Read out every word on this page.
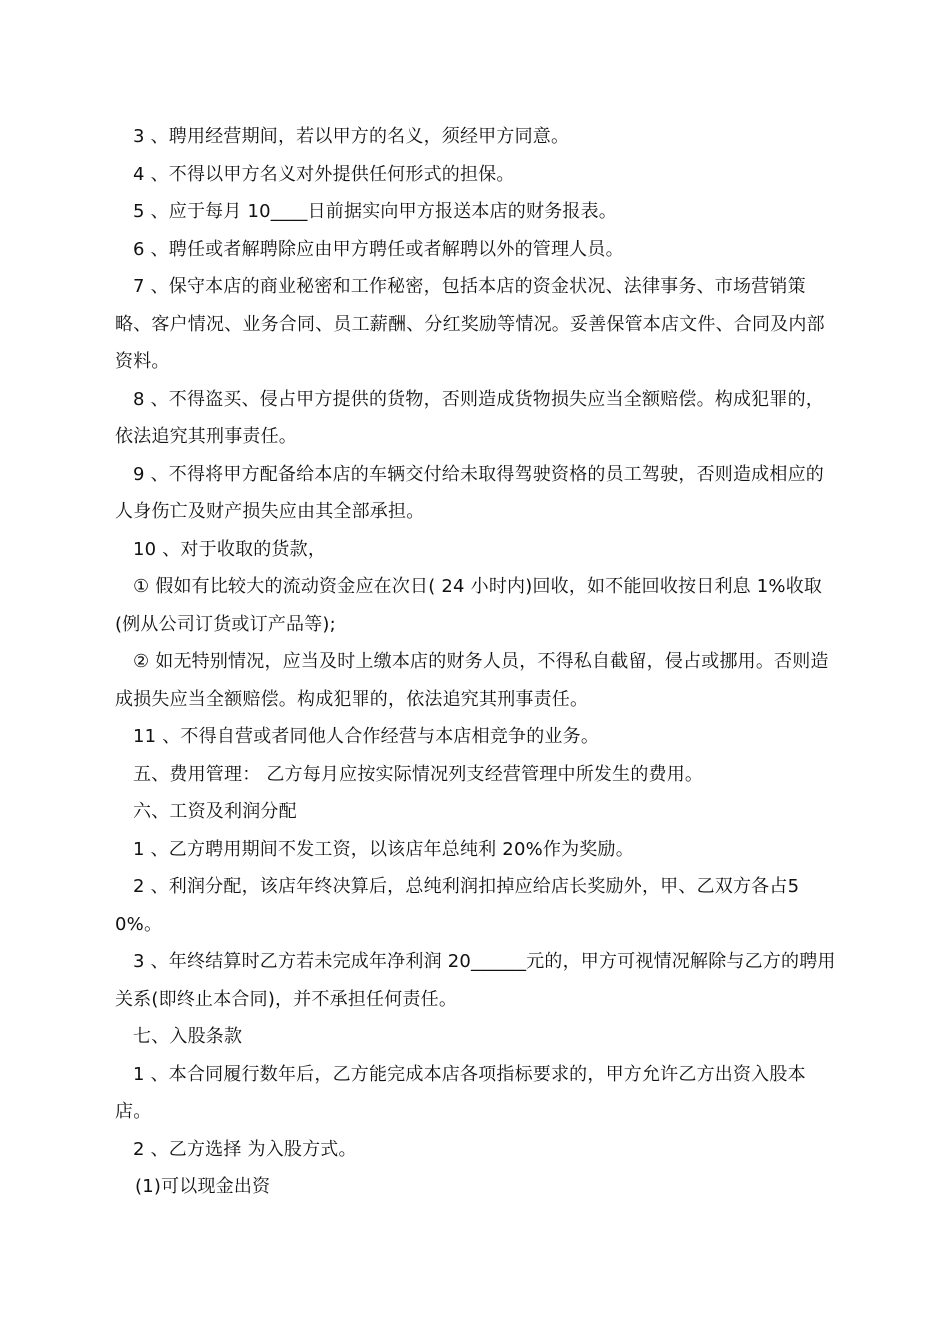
3 、聘用经营期间，若以甲方的名义，须经甲方同意。

4 、不得以甲方名义对外提供任何形式的担保。

5 、应于每月 10____日前据实向甲方报送本店的财务报表。

6 、聘任或者解聘除应由甲方聘任或者解聘以外的管理人员。

7 、保守本店的商业秘密和工作秘密，包括本店的资金状况、法律事务、市场营销策略、客户情况、业务合同、员工薪酬、分红奖励等情况。妥善保管本店文件、合同及内部资料。

8 、不得盗买、侵占甲方提供的货物，否则造成货物损失应当全额赔偿。构成犯罪的，依法追究其刑事责任。

9 、不得将甲方配备给本店的车辆交付给未取得驾驶资格的员工驾驶，否则造成相应的人身伤亡及财产损失应由其全部承担。

10 、对于收取的货款，

① 假如有比较大的流动资金应在次日( 24 小时内)回收，如不能回收按日利息 1%收取(例从公司订货或订产品等);

② 如无特别情况，应当及时上缴本店的财务人员，不得私自截留，侵占或挪用。否则造成损失应当全额赔偿。构成犯罪的，依法追究其刑事责任。

11 、不得自营或者同他人合作经营与本店相竞争的业务。

五、费用管理： 乙方每月应按实际情况列支经营管理中所发生的费用。

六、工资及利润分配

1 、乙方聘用期间不发工资，以该店年总纯利 20%作为奖励。

2 、利润分配，该店年终决算后，总纯利润扣掉应给店长奖励外，甲、乙双方各占50%。

3 、年终结算时乙方若未完成年净利润 20______元的，甲方可视情况解除与乙方的聘用关系(即终止本合同)，并不承担任何责任。

七、入股条款

1 、本合同履行数年后，乙方能完成本店各项指标要求的，甲方允许乙方出资入股本店。

2 、乙方选择 为入股方式。

(1)可以现金出资
